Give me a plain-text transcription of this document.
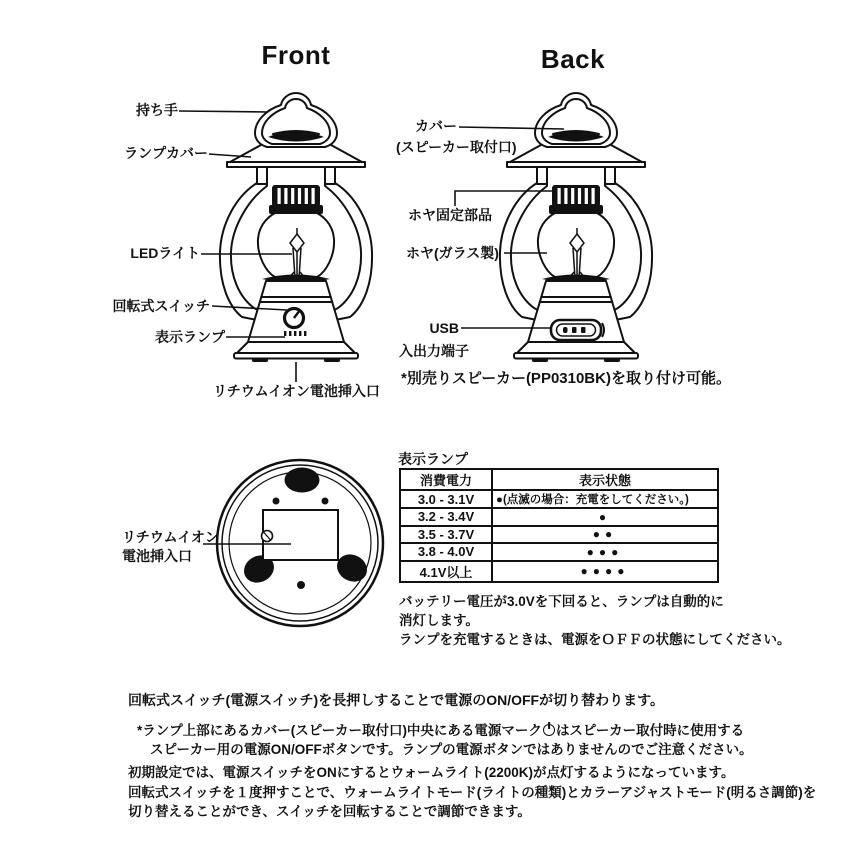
Front	Back
持ち手
ランプカバー
LEDライト
回転式スイッチ
表示ランプ
リチウムイオン電池挿入口
カバー
(スピーカー取付口)
ホヤ固定部品
ホヤ(ガラス製)
USB
入出力端子
*別売りスピーカー(PP0310BK)を取り付け可能。
リチウムイオン
電池挿入口
表示ランプ
消費電力	表示状態
3.0 - 3.1V	●(点滅の場合：充電をしてください。)
3.2 - 3.4V	●
3.5 - 3.7V	●●
3.8 - 4.0V	●●●
4.1V以上	●●●●
バッテリー電圧が3.0Vを下回ると、ランプは自動的に
消灯します。
ランプを充電するときは、電源をＯＦＦの状態にしてください。
回転式スイッチ(電源スイッチ)を長押しすることで電源のON/OFFが切り替わります。
*ランプ上部にあるカバー(スピーカー取付口)中央にある電源マーク はスピーカー取付時に使用する
スピーカー用の電源ON/OFFボタンです。ランプの電源ボタンではありませんのでご注意ください。
初期設定では、電源スイッチをONにするとウォームライト(2200K)が点灯するようになっています。
回転式スイッチを１度押すことで、ウォームライトモード(ライトの種類)とカラーアジャストモード(明るさ調節)を
切り替えることができ、スイッチを回転することで調節できます。
